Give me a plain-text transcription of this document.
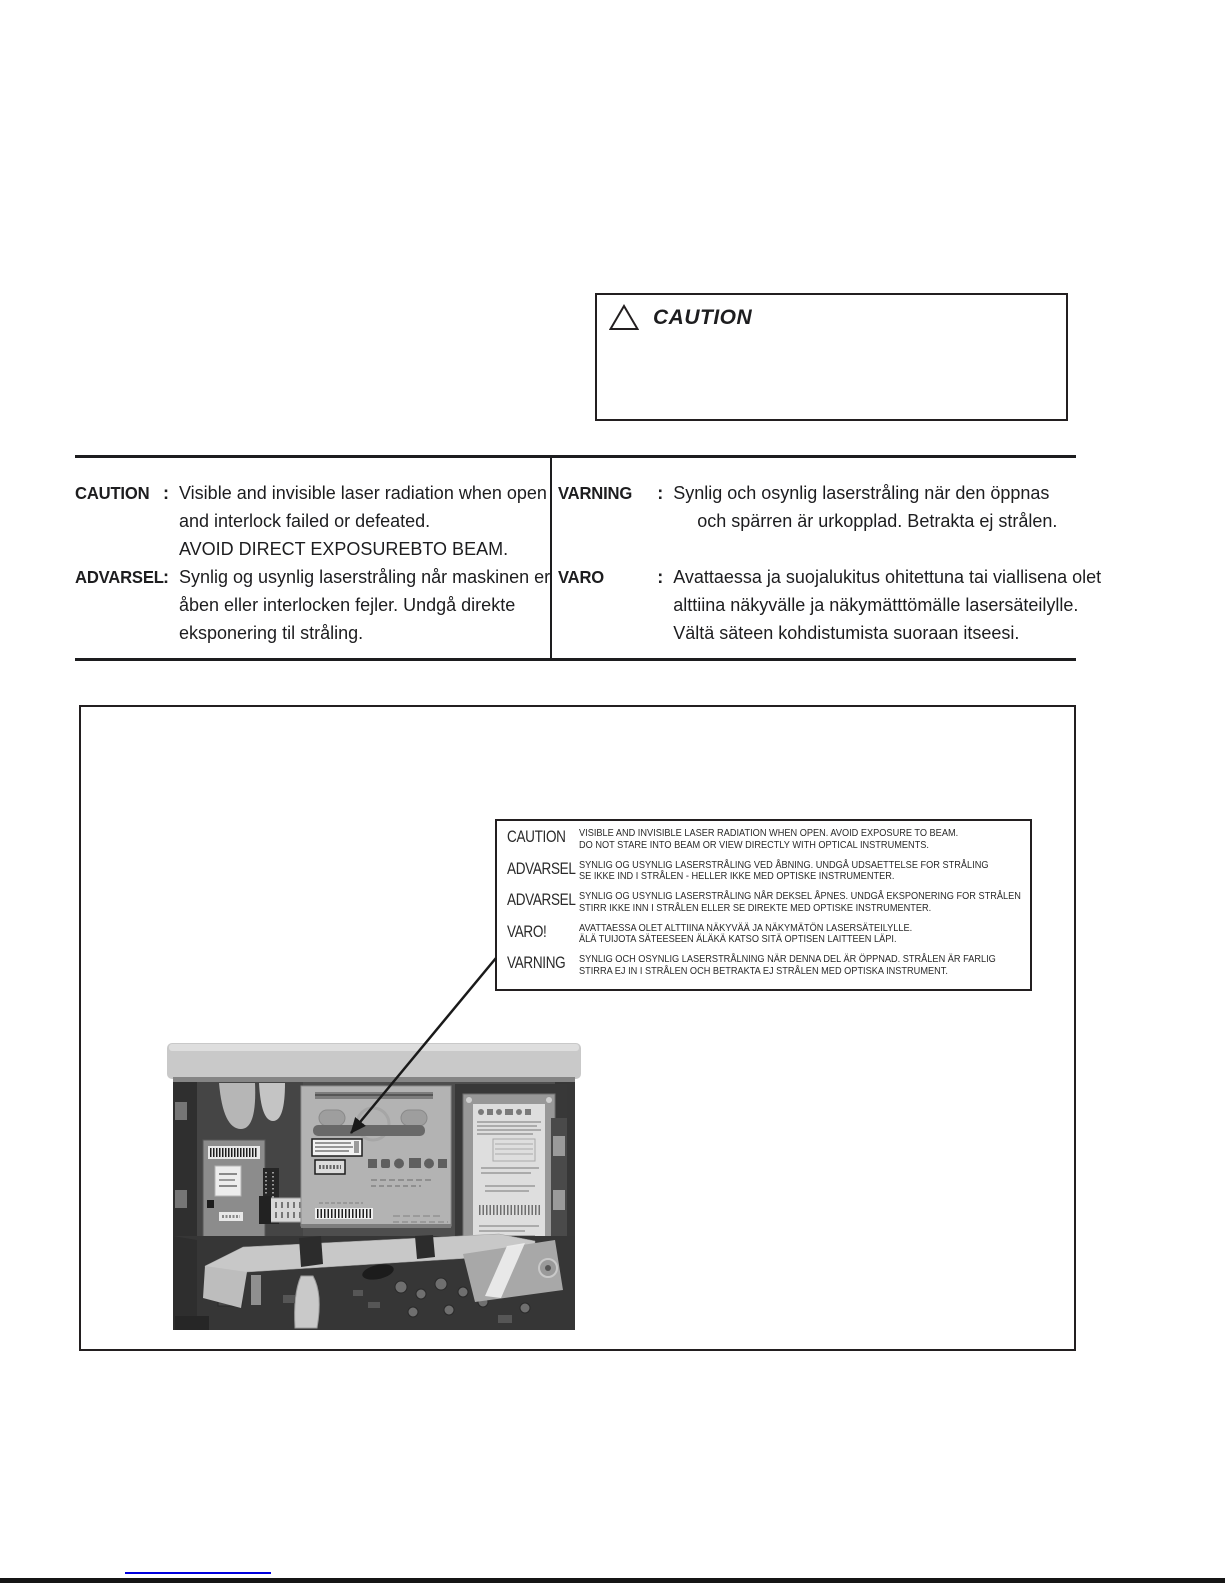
CAUTION
CAUTION : Visible and invisible laser radiation when open
and interlock failed or defeated.
AVOID DIRECT EXPOSUREBTO BEAM.
ADVARSEL : Synlig og usynlig laserstråling når maskinen er
åben eller interlocken fejler. Undgå direkte
eksponering til stråling.
VARNING	: Synlig och osynlig laserstråling när den öppnas
och spärren är urkopplad. Betrakta ej strålen.
VARO	: Avattaessa ja suojalukitus ohitettuna tai viallisena olet
alttiina näkyvälle ja näkymätttömälle lasersäteilylle.
Vältä säteen kohdistumista suoraan itseesi.
CAUTION	VISIBLE AND INVISIBLE LASER RADIATION WHEN OPEN. AVOID EXPOSURE TO BEAM.
DO NOT STARE INTO BEAM OR VIEW DIRECTLY WITH OPTICAL INSTRUMENTS.
ADVARSEL SYNLIG OG USYNLIG LASERSTRÅLING VED ÅBNING. UNDGÅ UDSAETTELSE FOR STRÅLING
SE IKKE IND I STRÅLEN - HELLER IKKE MED OPTISKE INSTRUMENTER.
ADVARSEL SYNLIG OG USYNLIG LASERSTRÅLING NÅR DEKSEL ÅPNES. UNDGÅ EKSPONERING FOR STRÅLEN
STIRR IKKE INN I STRÅLEN ELLER SE DIREKTE MED OPTISKE INSTRUMENTER.
VARO!	AVATTAESSA OLET ALTTIINA NÄKYVÄÄ JA NÄKYMÄTÖN LASERSÄTEILYLLE.
ÄLÄ TUIJOTA SÄTEESEEN ÄLÄKÄ KATSO SITÄ OPTISEN LAITTEEN LÄPI.
VARNING	SYNLIG OCH OSYNLIG LASERSTRÅLNING NÄR DENNA DEL ÄR ÖPPNAD. STRÅLEN ÄR FARLIG
STIRRA EJ IN I STRÅLEN OCH BETRAKTA EJ STRÅLEN MED OPTISKA INSTRUMENT.
